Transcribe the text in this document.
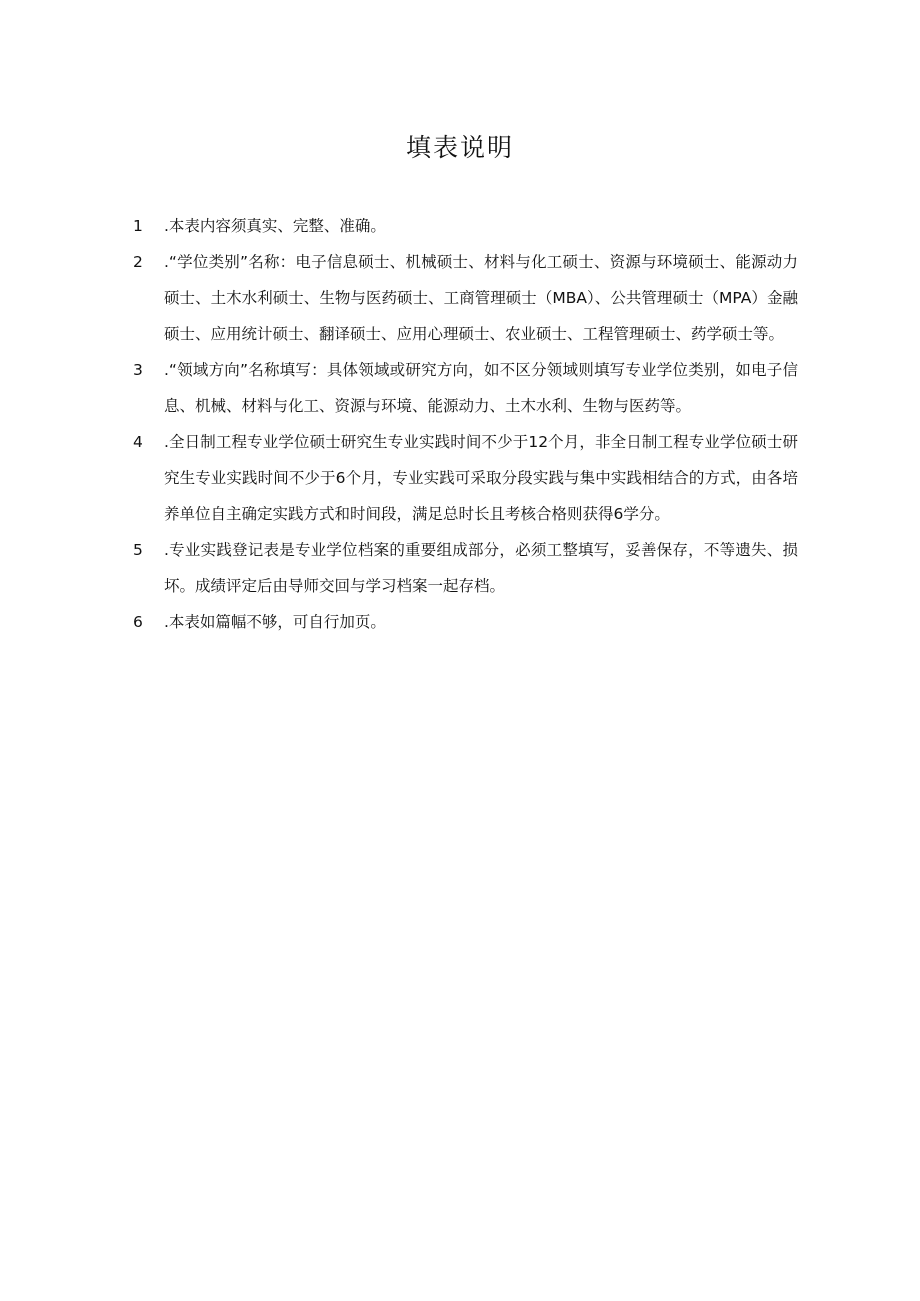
填表说明
1	.本表内容须真实、完整、准确。
2	.“学位类别”名称：电子信息硕士、机械硕士、材料与化工硕士、资源与环境硕士、能源动力硕士、土木水利硕士、生物与医药硕士、工商管理硕士（MBA）、公共管理硕士（MPA）金融硕士、应用统计硕士、翻译硕士、应用心理硕士、农业硕士、工程管理硕士、药学硕士等。
3	.“领域方向”名称填写：具体领域或研究方向，如不区分领域则填写专业学位类别，如电子信息、机械、材料与化工、资源与环境、能源动力、土木水利、生物与医药等。
4	.全日制工程专业学位硕士研究生专业实践时间不少于12个月，非全日制工程专业学位硕士研究生专业实践时间不少于6个月，专业实践可采取分段实践与集中实践相结合的方式，由各培养单位自主确定实践方式和时间段，满足总时长且考核合格则获得6学分。
5	.专业实践登记表是专业学位档案的重要组成部分，必须工整填写，妥善保存，不等遗失、损坏。成绩评定后由导师交回与学习档案一起存档。
6	.本表如篇幅不够，可自行加页。
